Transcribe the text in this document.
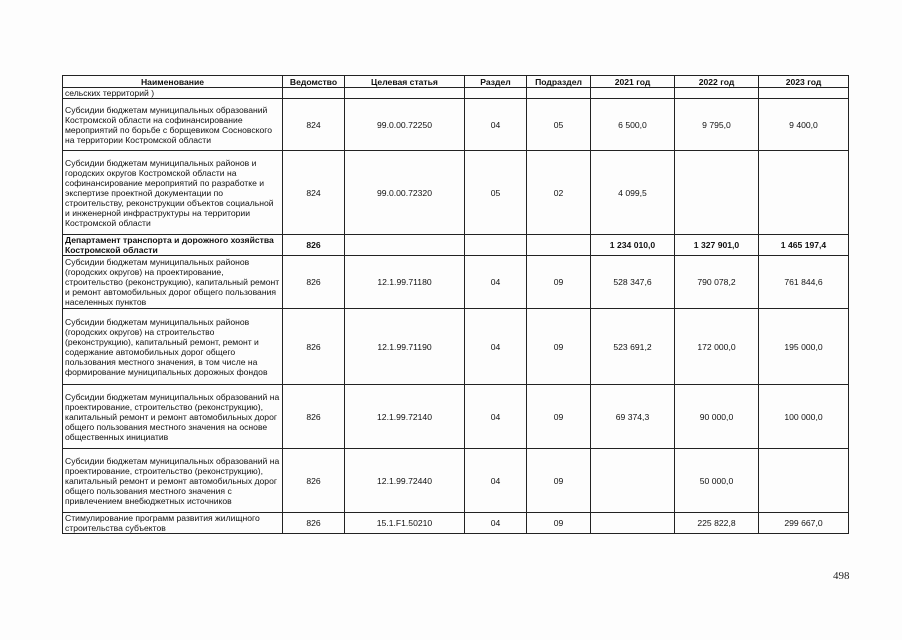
Наименование	Ведомство	Целевая статья	Раздел	Подраздел	2021 год	2022 год	2023 год
сельских территорий )							
Субсидии бюджетам муниципальных образований Костромской области на софинансирование мероприятий по борьбе с борщевиком Сосновского на территории Костромской области	824	99.0.00.72250	04	05	6 500,0	9 795,0	9 400,0
Субсидии бюджетам муниципальных районов и городских округов Костромской области на софинансирование мероприятий по разработке и экспертизе проектной документации по строительству, реконструкции объектов социальной и инженерной инфраструктуры на территории Костромской области	824	99.0.00.72320	05	02	4 099,5		
Департамент транспорта и дорожного хозяйства Костромской области	826				1 234 010,0	1 327 901,0	1 465 197,4
Субсидии бюджетам муниципальных районов (городских округов) на проектирование, строительство (реконструкцию), капитальный ремонт и ремонт автомобильных дорог общего пользования населенных пунктов	826	12.1.99.71180	04	09	528 347,6	790 078,2	761 844,6
Субсидии бюджетам муниципальных районов (городских округов) на строительство (реконструкцию), капитальный ремонт, ремонт и содержание автомобильных дорог общего пользования местного значения, в том числе на формирование муниципальных дорожных фондов	826	12.1.99.71190	04	09	523 691,2	172 000,0	195 000,0
Субсидии бюджетам муниципальных образований на проектирование, строительство (реконструкцию), капитальный ремонт и ремонт автомобильных дорог общего пользования местного значения на основе общественных инициатив	826	12.1.99.72140	04	09	69 374,3	90 000,0	100 000,0
Субсидии бюджетам муниципальных образований на проектирование, строительство (реконструкцию), капитальный ремонт и ремонт автомобильных дорог общего пользования местного значения с привлечением внебюджетных источников	826	12.1.99.72440	04	09		50 000,0	
Стимулирование программ развития жилищного строительства субъектов	826	15.1.F1.50210	04	09		225 822,8	299 667,0
498
